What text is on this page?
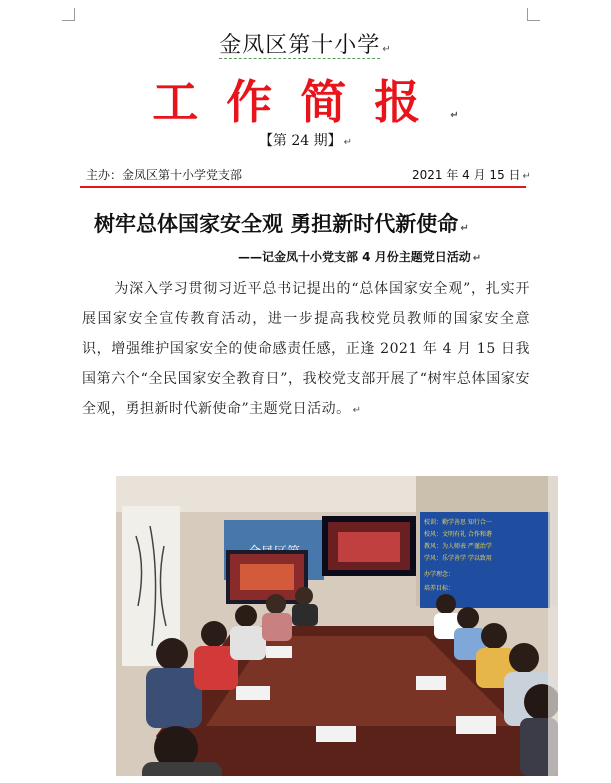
金凤区第十小学 ↵
工作简报 ↵
【第 24 期】 ↵
主办：金凤区第十小学党支部	2021 年 4 月 15 日 ↵
树牢总体国家安全观 勇担新时代新使命 ↵
——记金凤十小党支部 4 月份主题党日活动 ↵
为深入学习贯彻习近平总书记提出的“总体国家安全观”，扎实开展国家安全宣传教育活动，进一步提高我校党员教师的国家安全意识，增强维护国家安全的使命感责任感，正逢 2021 年 4 月 15 日我国第六个“全民国家安全教育日”，我校党支部开展了“树牢总体国家安全观，勇担新时代新使命”主题党日活动。 ↵
校训：勤学善思 知行合一
校风：文明有礼 合作和谐
教风：为人师表 严谨治学
学风：乐学善学 学以致用
办学理念：
培养目标：
